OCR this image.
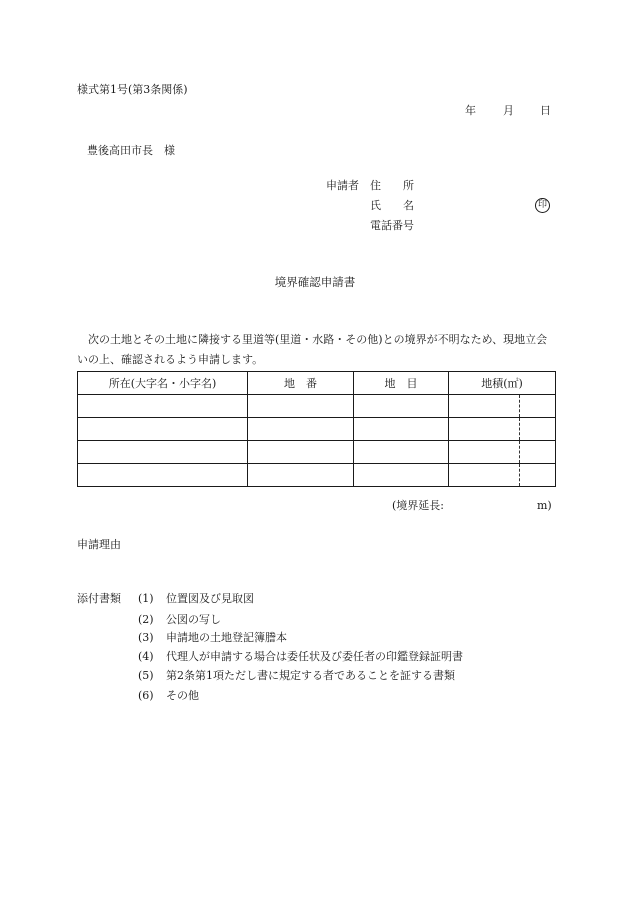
様式第1号(第3条関係)
年 月 日
豊後高田市長　様
申請者 住　　所
氏　　名	印
電話番号
境界確認申請書
次の土地とその土地に隣接する里道等(里道・水路・その他)との境界が不明なため、現地立会いの上、確認されるよう申請します。
所在(大字名・小字名)	地　番	地　目	地積(㎡)

(境界延長:	m)
申請理由
添付書類 (1) 位置図及び見取図
(2) 公図の写し
(3) 申請地の土地登記簿謄本
(4) 代理人が申請する場合は委任状及び委任者の印鑑登録証明書
(5) 第2条第1項ただし書に規定する者であることを証する書類
(6) その他
